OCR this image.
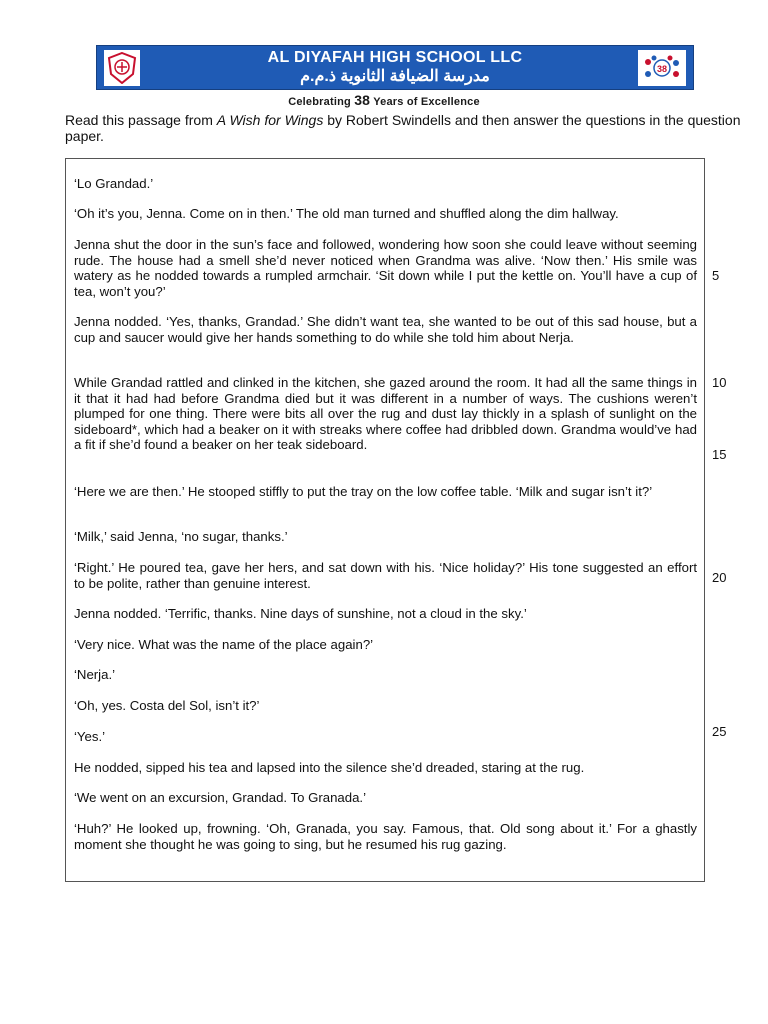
AL DIYAFAH HIGH SCHOOL LLC
مدرسة الضيافة الثانوية ذ.م.م	38
Celebrating 38 Years of Excellence
Read this passage from A Wish for Wings by Robert Swindells and then answer the questions in the question paper.

‘Lo Grandad.’

‘Oh it’s you, Jenna. Come on in then.’ The old man turned and shuffled along the dim hallway.

Jenna shut the door in the sun’s face and followed, wondering how soon she could leave without seeming rude. The house had a smell she’d never noticed when Grandma was alive. ‘Now then.’ His smile was watery as he nodded towards a rumpled armchair. ‘Sit down while I put the kettle on. You’ll have a cup of tea, won’t you?’

Jenna nodded. ‘Yes, thanks, Grandad.’ She didn’t want tea, she wanted to be out of this sad house, but a cup and saucer would give her hands something to do while she told him about Nerja.

While Grandad rattled and clinked in the kitchen, she gazed around the room. It had all the same things in it that it had had before Grandma died but it was different in a number of ways. The cushions weren’t plumped for one thing. There were bits all over the rug and dust lay thickly in a splash of sunlight on the sideboard*, which had a beaker on it with streaks where coffee had dribbled down. Grandma would’ve had a fit if she’d found a beaker on her teak sideboard.

‘Here we are then.’ He stooped stiffly to put the tray on the low coffee table. ‘Milk and sugar isn’t it?’

‘Milk,’ said Jenna, ‘no sugar, thanks.’

‘Right.’ He poured tea, gave her hers, and sat down with his. ‘Nice holiday?’ His tone suggested an effort to be polite, rather than genuine interest.

Jenna nodded. ‘Terrific, thanks. Nine days of sunshine, not a cloud in the sky.’

‘Very nice. What was the name of the place again?’

‘Nerja.’

‘Oh, yes. Costa del Sol, isn’t it?’

‘Yes.’

He nodded, sipped his tea and lapsed into the silence she’d dreaded, staring at the rug.

‘We went on an excursion, Grandad. To Granada.’

‘Huh?’ He looked up, frowning. ‘Oh, Granada, you say. Famous, that. Old song about it.’ For a ghastly moment she thought he was going to sing, but he resumed his rug gazing.

5
10
15
20
25
